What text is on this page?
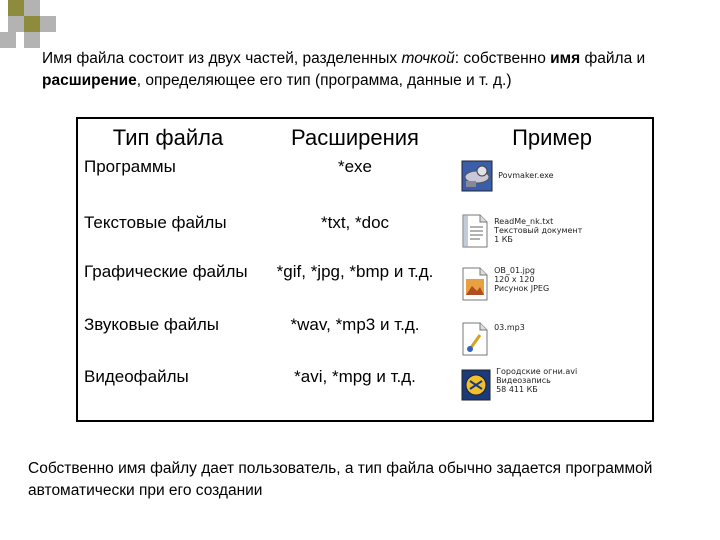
Имя файла состоит из двух частей, разделенных точкой: собственно имя файла и расширение, определяющее его тип (программа, данные и т. д.)
Тип файла	Расширения	Пример
Программы	*exe	Povmaker.exe

Текстовые файлы	*txt, *doc	ReadMe_nk.txt
Текстовый документ
1 КБ

Графические файлы	*gif, *jpg, *bmp и т.д.	OB_01.jpg
120 x 120
Рисунок JPEG

Звуковые файлы	*wav, *mp3 и т.д.	03.mp3

Видеофайлы	*avi, *mpg и т.д.	Городские огни.avi
Видеозапись
58 411 КБ
Собственно имя файлу дает пользователь, а тип файла обычно задается программой автоматически при его создании
